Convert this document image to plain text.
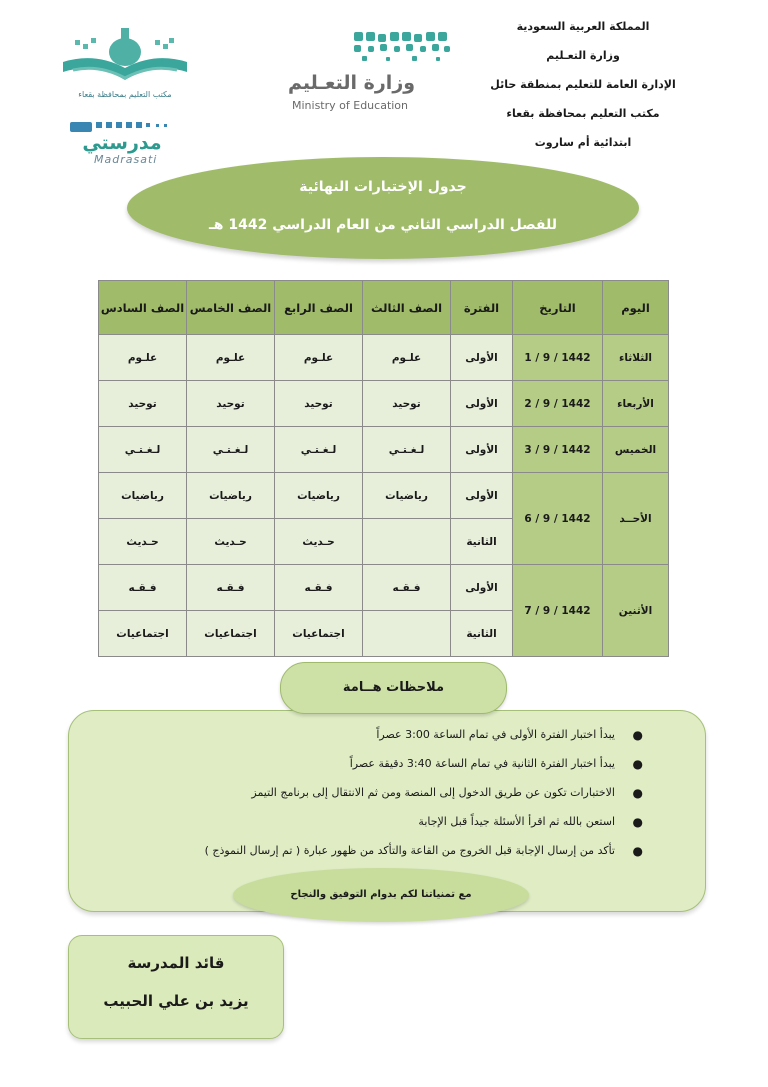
المملكة العربية السعودية
وزارة التعـليم
الإدارة العامة للتعليم بمنطقة حائل
مكتب التعليم بمحافظة بقعاء
ابتدائية أم ساروت
وزارة التعـليم
Ministry of Education
مكتب التعليم بمحافظة بقعاء
مدرستي
Madrasati
جدول الإختبارات النهائية
للفصل الدراسي الثاني من العام الدراسي 1442 هـ
اليوم	التاريخ	الفترة	الصف الثالث	الصف الرابع	الصف الخامس	الصف السادس
الثلاثاء	1442 / 9 / 1	الأولى	علـوم	علـوم	علـوم	علـوم
الأربعاء	1442 / 9 / 2	الأولى	توحيد	توحيد	توحيد	توحيد
الخميس	1442 / 9 / 3	الأولى	لـغـتـي	لـغـتـي	لـغـتـي	لـغـتـي
الأحــد	1442 / 9 / 6	الأولى	رياضيات	رياضيات	رياضيات	رياضيات
		الثانية		حـديث	حـديث	حـديث
الأثنين	1442 / 9 / 7	الأولى	فـقـه	فـقـه	فـقـه	فـقـه
		الثانية		اجتماعيات	اجتماعيات	اجتماعيات
●
يبدأ اختبار الفترة الأولى في تمام الساعة 3:00 عصراً
●
يبدأ اختبار الفترة الثانية في تمام الساعة 3:40 دقيقة عصراً
●
الاختبارات تكون عن طريق الدخول إلى المنصة ومن ثم الانتقال إلى برنامج التيمز
●
استعن بالله ثم اقرأ الأسئلة جيداً قبل الإجابة
●
تأكد من إرسال الإجابة قبل الخروج من القاعة والتأكد من ظهور عبارة ( تم إرسال النموذج )
ملاحظات هــامة
مع تمنياتنا لكم بدوام التوفيق والنجاح
قائد المدرسة
يزيد بن علي الحبيب
